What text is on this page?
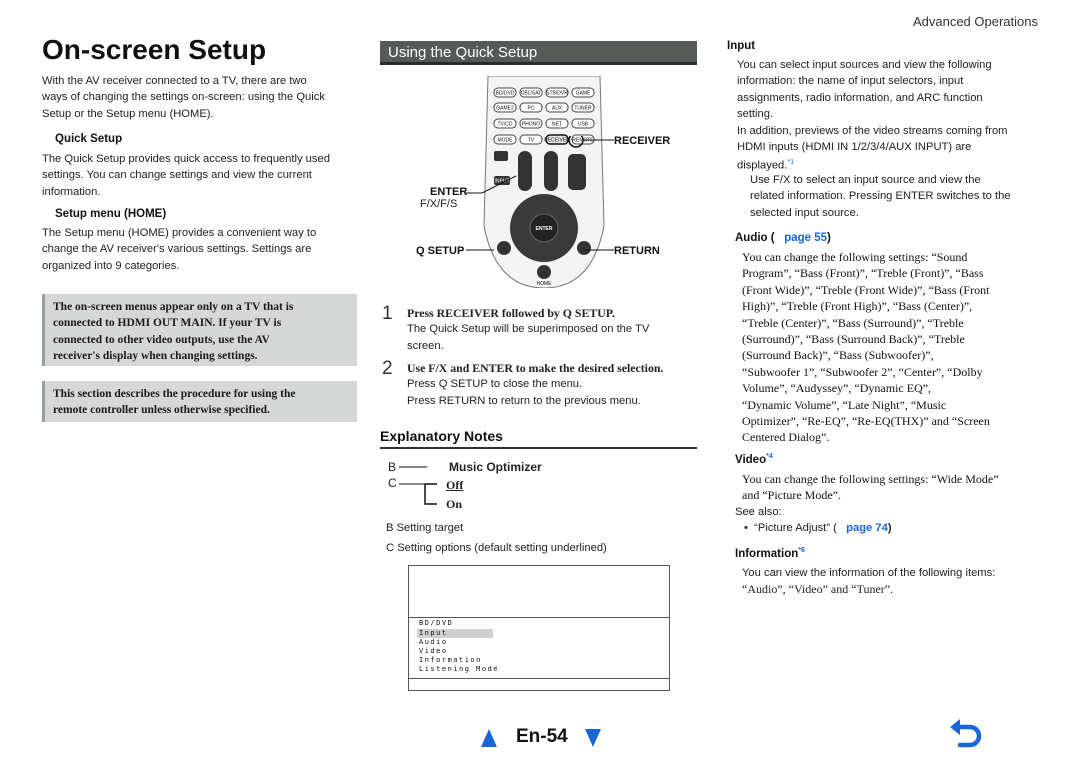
Advanced Operations
On-screen Setup
With the AV receiver connected to a TV, there are two
ways of changing the settings on-screen: using the Quick
Setup or the Setup menu (HOME).
Quick Setup
The Quick Setup provides quick access to frequently used
settings. You can change settings and view the current
information.
Setup menu (HOME)
The Setup menu (HOME) provides a convenient way to
change the AV receiver's various settings. Settings are
organized into 9 categories.
The on-screen menus appear only on a TV that is
connected to HDMI OUT MAIN. If your TV is
connected to other video outputs, use the AV
receiver's display when changing settings.
This section describes the procedure for using the
remote controller unless otherwise specified.
Using the Quick Setup
BD/DVD CBL/SAT STB/DVR GAME
GAME2	PC	AUX TUNER
TV/CD PHONO NET	USB
MODE	TV RECEIVER REMOTE
INPUT
ENTER
HOME
RECEIVER
ENTER
F/X/F/S
Q SETUP	RETURN
1 Press RECEIVER followed by Q SETUP.
The Quick Setup will be superimposed on the TV
screen.
2 Use F/X and ENTER to make the desired selection.
Press Q SETUP to close the menu.
Press RETURN to return to the previous menu.
Explanatory Notes
B
C
Music Optimizer
Off
On
B Setting target
C Setting options (default setting underlined)
BD/DVD
Input
Audio
Video
Information
Listening Mode
Input
You can select input sources and view the following
information: the name of input selectors, input
assignments, radio information, and ARC function
setting.
In addition, previews of the video streams coming from
HDMI inputs (HDMI IN 1/2/3/4/AUX INPUT) are
displayed.$^{*1}$
Use F/X to select an input source and view the
related information. Pressing ENTER switches to the
selected input source.
Audio ( page 55)
You can change the following settings: “Sound
Program”, “Bass (Front)”, “Treble (Front)”, “Bass
(Front Wide)”, “Treble (Front Wide)”, “Bass (Front
High)”, “Treble (Front High)”, “Bass (Center)”,
“Treble (Center)”, “Bass (Surround)”, “Treble
(Surround)”, “Bass (Surround Back)”, “Treble
(Surround Back)”, “Bass (Subwoofer)”,
“Subwoofer 1”, “Subwoofer 2”, “Center”, “Dolby
Volume”, “Audyssey”, “Dynamic EQ”,
“Dynamic Volume”, “Late Night”, “Music
Optimizer”, “Re-EQ”, “Re-EQ(THX)” and “Screen
Centered Dialog”.
Video$^{*4}$
You can change the following settings: “Wide Mode”
and “Picture Mode”.
See also:
•  “Picture Adjust” ( page 74)
Information$^{*6}$
You can view the information of the following items:
“Audio”, “Video” and “Tuner”.
En-54
